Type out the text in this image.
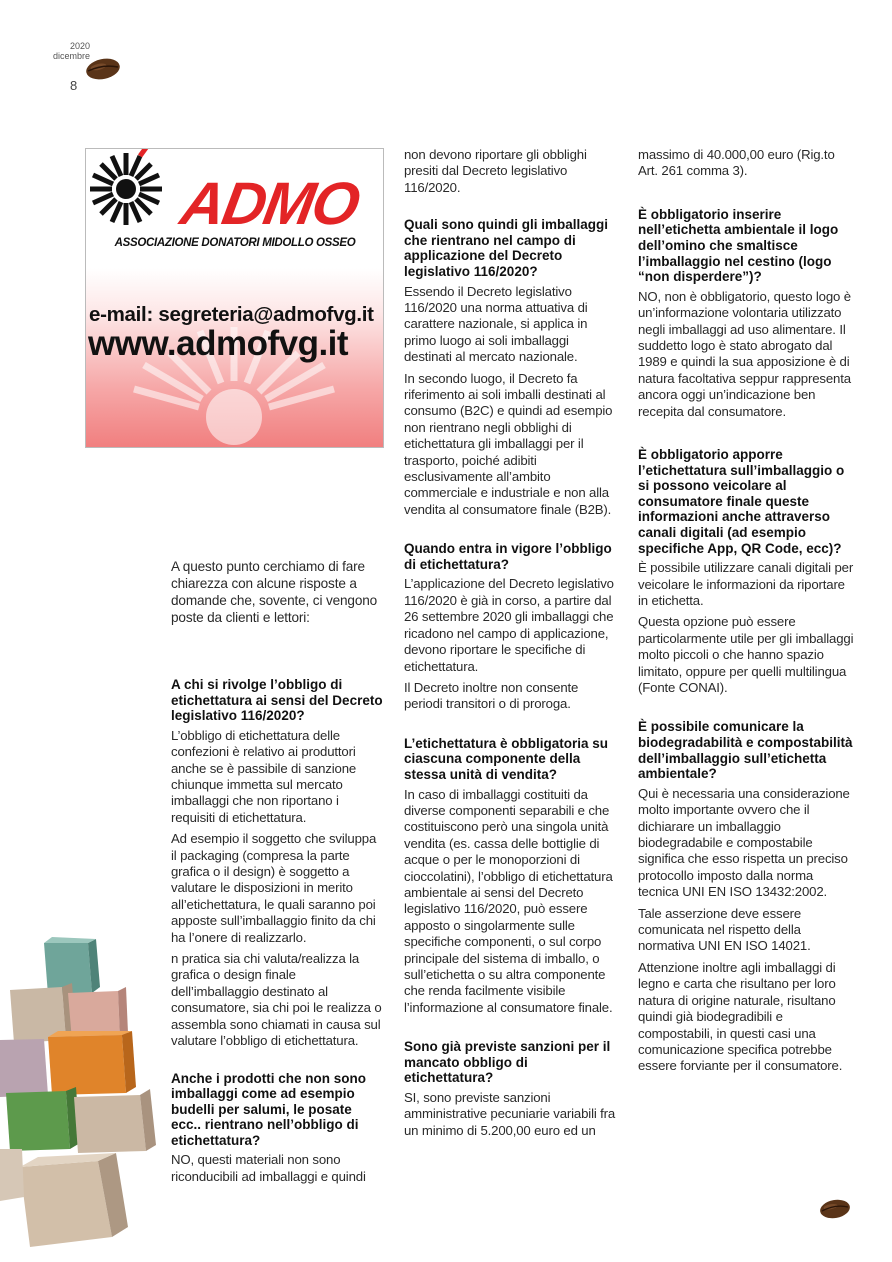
2020
dicembre
8
ADMO
ASSOCIAZIONE DONATORI MIDOLLO OSSEO
e-mail: segreteria@admofvg.it
www.admofvg.it

A questo punto cerchiamo di fare chiarezza con alcune risposte a domande che, sovente, ci vengono poste da clienti e lettori:

A chi si rivolge l’obbligo di etichettatura ai sensi del Decreto legislativo 116/2020?

L’obbligo di etichettatura delle confezioni è relativo ai produttori anche se è passibile di sanzione chiunque immetta sul mercato imballaggi che non riportano i requisiti di etichettatura.

Ad esempio il soggetto che sviluppa il packaging (compresa la parte grafica o il design) è soggetto a valutare le disposizioni in merito all’etichettatura, le quali saranno poi apposte sull’imballaggio finito da chi ha l’onere di realizzarlo.

n pratica sia chi valuta/realizza la grafica o design finale dell’imballaggio destinato al consumatore, sia chi poi le realizza o assembla sono chiamati in causa sul valutare l’obbligo di etichettatura.

Anche i prodotti che non sono imballaggi come ad esempio budelli per salumi, le posate ecc.. rientrano nell’obbligo di etichettatura?

NO, questi materiali non sono riconducibili ad imballaggi e quindi

non devono riportare gli obblighi presiti dal Decreto legislativo 116/2020.

Quali sono quindi gli imballaggi che rientrano nel campo di applicazione del Decreto legislativo 116/2020?

Essendo il Decreto legislativo 116/2020 una norma attuativa di carattere nazionale, si applica in primo luogo ai soli imballaggi destinati al mercato nazionale.

In secondo luogo, il Decreto fa riferimento ai soli imballi destinati al consumo (B2C) e quindi ad esempio non rientrano negli obblighi di etichettatura gli imballaggi per il trasporto, poiché adibiti esclusivamente all’ambito commerciale e industriale e non alla vendita al consumatore finale (B2B).

Quando entra in vigore l’obbligo di etichettatura?

L’applicazione del Decreto legislativo 116/2020 è già in corso, a partire dal 26 settembre 2020 gli imballaggi che ricadono nel campo di applicazione, devono riportare le specifiche di etichettatura.

Il Decreto inoltre non consente periodi transitori o di proroga.

L’etichettatura è obbligatoria su ciascuna componente della stessa unità di vendita?

In caso di imballaggi costituiti da diverse componenti separabili e che costituiscono però una singola unità vendita (es. cassa delle bottiglie di acque o per le monoporzioni di cioccolatini), l’obbligo di etichettatura ambientale ai sensi del Decreto legislativo 116/2020, può essere apposto o singolarmente sulle specifiche componenti, o sul corpo principale del sistema di imballo, o sull’etichetta o su altra componente che renda facilmente visibile l’informazione al consumatore finale.

Sono già previste sanzioni per il mancato obbligo di etichettatura?

SI, sono previste sanzioni amministrative pecuniarie variabili fra un minimo di 5.200,00 euro ed un

massimo di 40.000,00 euro (Rig.to Art. 261 comma 3).

È obbligatorio inserire nell’etichetta ambientale il logo dell’omino che smaltisce l’imballaggio nel cestino (logo “non disperdere”)?

NO, non è obbligatorio, questo logo è un’informazione volontaria utilizzato negli imballaggi ad uso alimentare. Il suddetto logo è stato abrogato dal 1989 e quindi la sua apposizione è di natura facoltativa seppur rappresenta ancora oggi un’indicazione ben recepita dal consumatore.

È obbligatorio apporre l’etichettatura sull’imballaggio o si possono veicolare al consumatore finale queste informazioni anche attraverso canali digitali (ad esempio specifiche App, QR Code, ecc)?

È possibile utilizzare canali digitali per veicolare le informazioni da riportare in etichetta.

Questa opzione può essere particolarmente utile per gli imballaggi molto piccoli o che hanno spazio limitato, oppure per quelli multilingua (Fonte CONAI).

È possibile comunicare la biodegradabilità e compostabilità dell’imballaggio sull’etichetta ambientale?

Qui è necessaria una considerazione molto importante ovvero che il dichiarare un imballaggio biodegradabile e compostabile significa che esso rispetta un preciso protocollo imposto dalla norma tecnica UNI EN ISO 13432:2002.

Tale asserzione deve essere comunicata nel rispetto della normativa UNI EN ISO 14021.

Attenzione inoltre agli imballaggi di legno e carta che risultano per loro natura di origine naturale, risultano quindi già biodegradibili e compostabili, in questi casi una comunicazione specifica potrebbe essere forviante per il consumatore.
